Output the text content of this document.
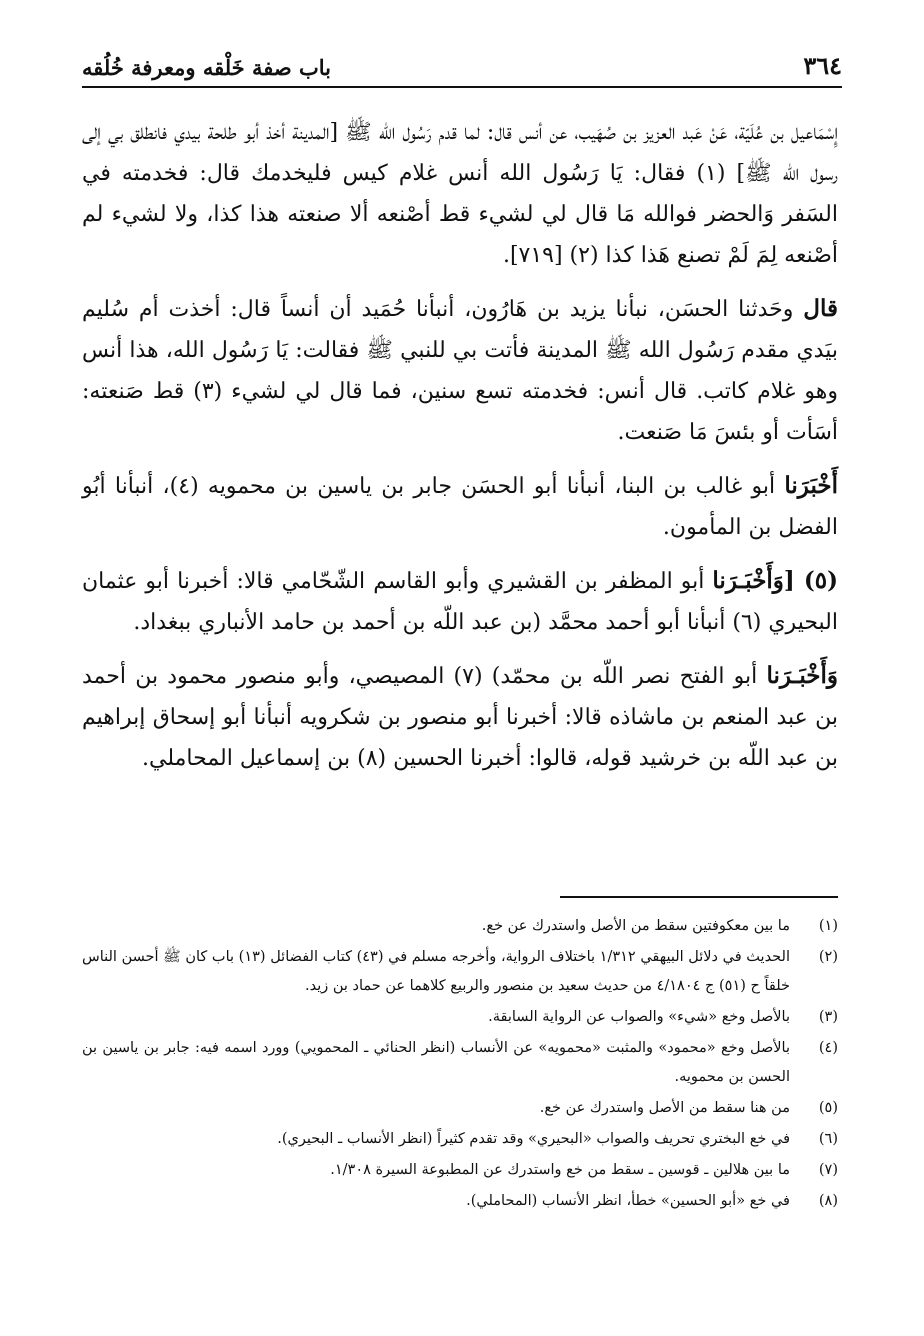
٣٦٤
باب صفة خَلْقه ومعرفة خُلُقه

إِسْمَاعيل بن عُلَيّة، عَنْ عَبد العزيز بن صُهَيب، عن أنس قال: لما قدم رَسُول الله ﷺ [المدينة أخذ أبو طلحة بيدي فانطلق بي إلى رسول الله ﷺ] (١) فقال: يَا رَسُول الله أنس غلام كيس فليخدمك قال: فخدمته في السَفر وَالحضر فوالله مَا قال لي لشيء قط أصْنعه ألا صنعته هذا كذا، ولا لشيء لم أصْنعه لِمَ لَمْ تصنع هَذا كذا (٢) [٧١٩].

قال وحَدثنا الحسَن، نبأنا يزيد بن هَارُون، أنبأنا حُمَيد أن أنساً قال: أخذت أم سُليم بيَدي مقدم رَسُول الله ﷺ المدينة فأتت بي للنبي ﷺ فقالت: يَا رَسُول الله، هذا أنس وهو غلام كاتب. قال أنس: فخدمته تسع سنين، فما قال لي لشيء (٣) قط صَنعته: أسَأت أو بئسَ مَا صَنعت.

أَخْبَرَنا أبو غالب بن البنا، أنبأنا أبو الحسَن جابر بن ياسين بن محمويه (٤)، أنبأنا أبُو الفضل بن المأمون.

(٥) [وَأَخْبَـرَنا أبو المظفر بن القشيري وأبو القاسم الشّحّامي قالا: أخبرنا أبو عثمان البحيري (٦) أنبأنا أبو أحمد محمَّد (بن عبد اللّه بن أحمد بن حامد الأنباري ببغداد.

وَأَخْبَـرَنا أبو الفتح نصر اللّه بن محمّد) (٧) المصيصي، وأبو منصور محمود بن أحمد بن عبد المنعم بن ماشاذه قالا: أخبرنا أبو منصور بن شكرويه أنبأنا أبو إسحاق إبراهيم بن عبد اللّه بن خرشيد قوله، قالوا: أخبرنا الحسين (٨) بن إسماعيل المحاملي.

(١)
ما بين معكوفتين سقط من الأصل واستدرك عن خ‍ع.
(٢)
الحديث في دلائل البيهقي ١/٣١٢ باختلاف الرواية، وأخرجه مسلم في (٤٣) كتاب الفضائل (١٣) باب كان ﷺ أحسن الناس خلقاً ح (٥١) ج ٤/١٨٠٤ من حديث سعيد بن منصور والربيع كلاهما عن حماد بن زيد.
(٣)
بالأصل وخ‍ع «شيء» والصواب عن الرواية السابقة.
(٤)
بالأصل وخ‍ع «محمود» والمثبت «محمويه» عن الأنساب (انظر الحنائي ـ المحمويي) وورد اسمه فيه: جابر بن ياسين بن الحسن بن محمويه.
(٥)
من هنا سقط من الأصل واستدرك عن خ‍ع.
(٦)
في خ‍ع البختري تحريف والصواب «البحيري» وقد تقدم كثيراً (انظر الأنساب ـ البحيري).
(٧)
ما بين هلالين ـ قوسين ـ سقط من خ‍ع واستدرك عن المطبوعة السيرة ١/٣٠٨.
(٨)
في خ‍ع «أبو الحسين» خطأ، انظر الأنساب (المحاملي).
